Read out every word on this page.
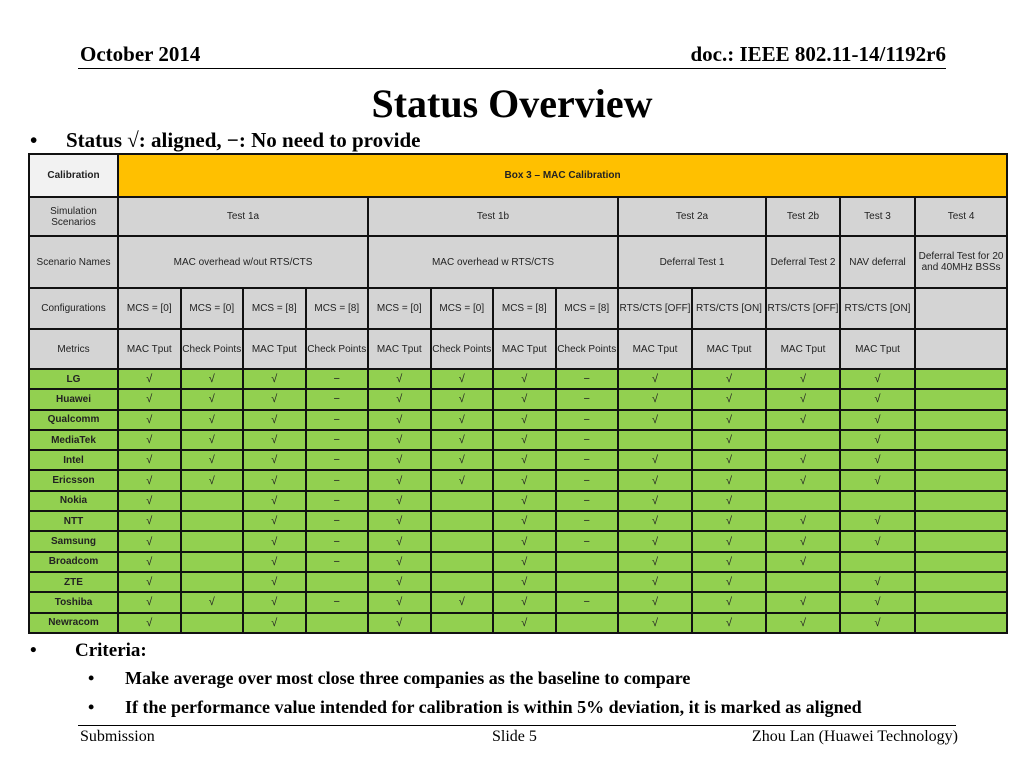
October 2014	doc.: IEEE 802.11-14/1192r6
Status Overview
• Status √: aligned, −: No need to provide
Calibration	Box 3 – MAC Calibration												
Simulation Scenarios	Test 1a				Test 1b				Test 2a		Test 2b	Test 3	Test 4
Scenario Names	MAC overhead w/out RTS/CTS				MAC overhead w RTS/CTS				Deferral Test 1		Deferral Test 2	NAV deferral	Deferral Test for 20 and 40MHz BSSs
Configurations	MCS = [0]	MCS = [0]	MCS = [8]	MCS = [8]	MCS = [0]	MCS = [0]	MCS = [8]	MCS = [8]	RTS/CTS [OFF]	RTS/CTS [ON]	RTS/CTS [OFF]	RTS/CTS [ON]	
Metrics	MAC Tput	Check Points	MAC Tput	Check Points	MAC Tput	Check Points	MAC Tput	Check Points	MAC Tput	MAC Tput	MAC Tput	MAC Tput	
LG	√	√	√	−	√	√	√	−	√	√	√	√	
Huawei	√	√	√	−	√	√	√	−	√	√	√	√	
Qualcomm	√	√	√	−	√	√	√	−	√	√	√	√	
MediaTek	√	√	√	−	√	√	√	−		√		√	
Intel	√	√	√	−	√	√	√	−	√	√	√	√	
Ericsson	√	√	√	−	√	√	√	−	√	√	√	√	
Nokia	√		√	−	√		√	−	√	√			
NTT	√		√	−	√		√	−	√	√	√	√	
Samsung	√		√	−	√		√	−	√	√	√	√	
Broadcom	√		√	−	√		√		√	√	√		
ZTE	√		√		√		√		√	√		√	
Toshiba	√	√	√	−	√	√	√	−	√	√	√	√	
Newracom	√		√		√		√		√	√	√	√	
• Criteria:
• Make average over most close three companies as the baseline to compare
• If the performance value intended for calibration is within 5% deviation, it is marked as aligned
Submission	Slide 5	Zhou Lan (Huawei Technology)
